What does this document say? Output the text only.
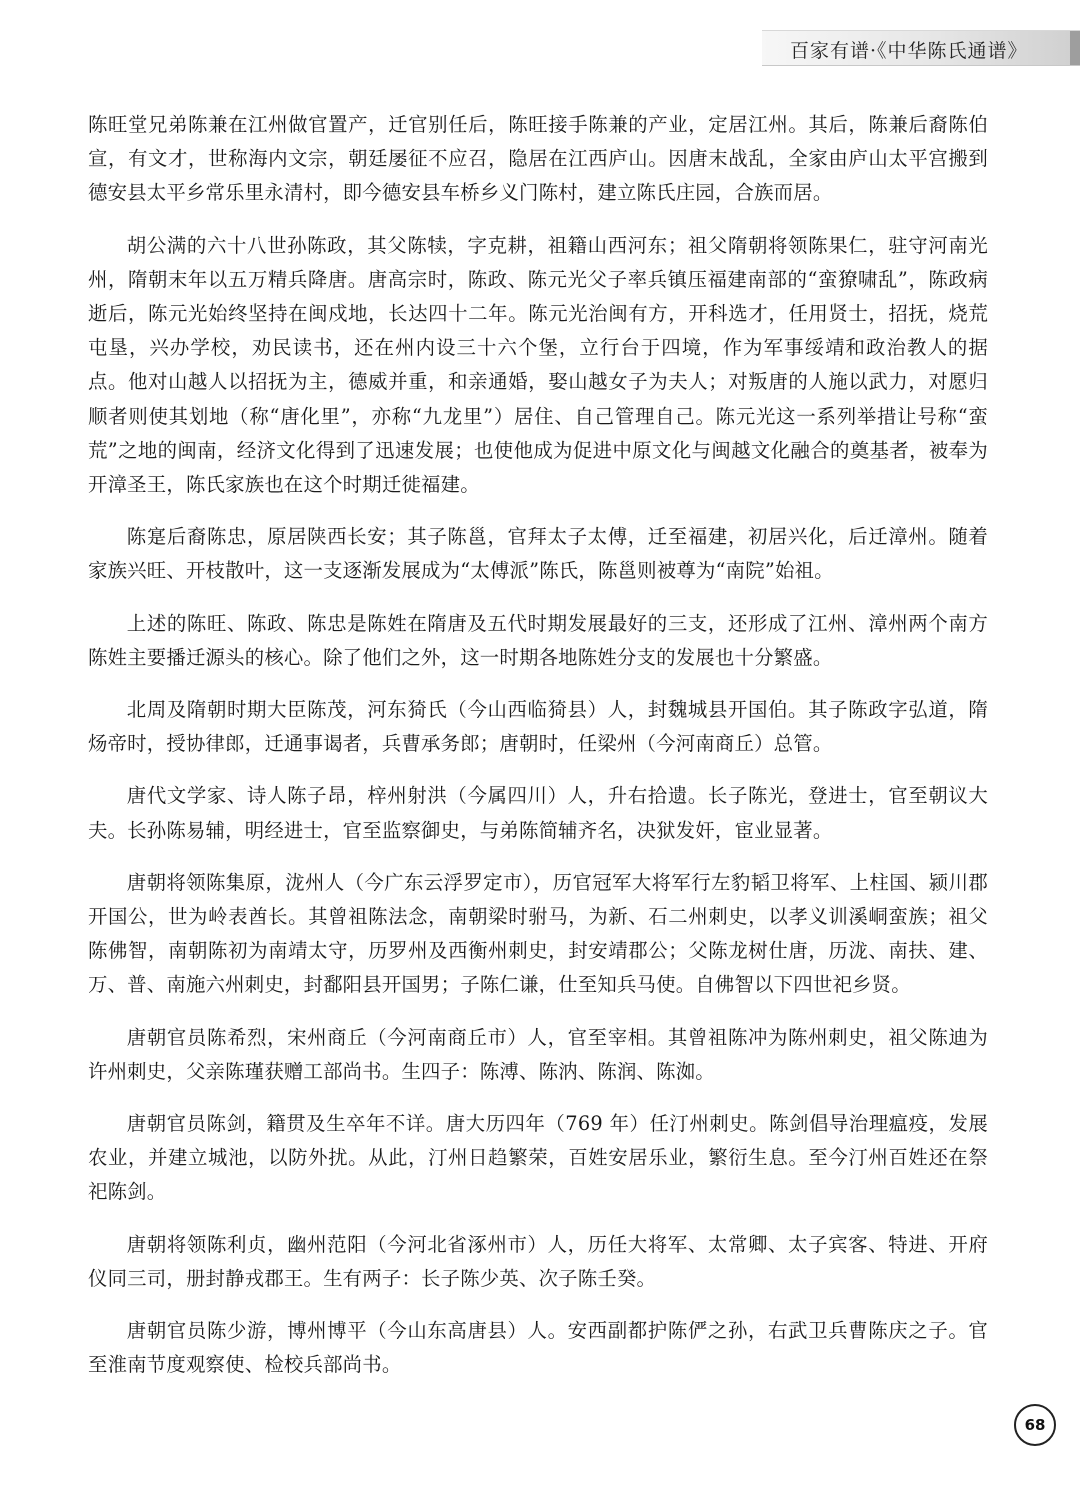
百家有谱·《中华陈氏通谱》

陈旺堂兄弟陈兼在江州做官置产，迁官别任后，陈旺接手陈兼的产业，定居江州。其后，陈兼后裔陈伯宣，有文才，世称海内文宗，朝廷屡征不应召，隐居在江西庐山。因唐末战乱，全家由庐山太平宫搬到德安县太平乡常乐里永清村，即今德安县车桥乡义门陈村，建立陈氏庄园，合族而居。

胡公满的六十八世孙陈政，其父陈犊，字克耕，祖籍山西河东；祖父隋朝将领陈果仁，驻守河南光州，隋朝末年以五万精兵降唐。唐高宗时，陈政、陈元光父子率兵镇压福建南部的“蛮獠啸乱”，陈政病逝后，陈元光始终坚持在闽戍地，长达四十二年。陈元光治闽有方，开科选才，任用贤士，招抚，烧荒屯垦，兴办学校，劝民读书，还在州内设三十六个堡，立行台于四境，作为军事绥靖和政治教人的据点。他对山越人以招抚为主，德威并重，和亲通婚，娶山越女子为夫人；对叛唐的人施以武力，对愿归顺者则使其划地（称“唐化里”，亦称“九龙里”）居住、自己管理自己。陈元光这一系列举措让号称“蛮荒”之地的闽南，经济文化得到了迅速发展；也使他成为促进中原文化与闽越文化融合的奠基者，被奉为开漳圣王，陈氏家族也在这个时期迁徙福建。

陈寔后裔陈忠，原居陕西长安；其子陈邕，官拜太子太傅，迁至福建，初居兴化，后迁漳州。随着家族兴旺、开枝散叶，这一支逐渐发展成为“太傅派”陈氏，陈邕则被尊为“南院”始祖。

上述的陈旺、陈政、陈忠是陈姓在隋唐及五代时期发展最好的三支，还形成了江州、漳州两个南方陈姓主要播迁源头的核心。除了他们之外，这一时期各地陈姓分支的发展也十分繁盛。

北周及隋朝时期大臣陈茂，河东猗氏（今山西临猗县）人，封魏城县开国伯。其子陈政字弘道，隋炀帝时，授协律郎，迁通事谒者，兵曹承务郎；唐朝时，任梁州（今河南商丘）总管。

唐代文学家、诗人陈子昂，梓州射洪（今属四川）人，升右拾遗。长子陈光，登进士，官至朝议大夫。长孙陈易辅，明经进士，官至监察御史，与弟陈简辅齐名，决狱发奸，宦业显著。

唐朝将领陈集原，泷州人（今广东云浮罗定市），历官冠军大将军行左豹韬卫将军、上柱国、颍川郡开国公，世为岭表酋长。其曾祖陈法念，南朝梁时驸马，为新、石二州刺史，以孝义训溪峒蛮族；祖父陈佛智，南朝陈初为南靖太守，历罗州及西衡州刺史，封安靖郡公；父陈龙树仕唐，历泷、南扶、建、万、普、南施六州刺史，封鄱阳县开国男；子陈仁谦，仕至知兵马使。自佛智以下四世祀乡贤。

唐朝官员陈希烈，宋州商丘（今河南商丘市）人，官至宰相。其曾祖陈冲为陈州刺史，祖父陈迪为许州刺史，父亲陈瑾获赠工部尚书。生四子：陈溥、陈汭、陈润、陈洳。

唐朝官员陈剑，籍贯及生卒年不详。唐大历四年（769 年）任汀州刺史。陈剑倡导治理瘟疫，发展农业，并建立城池，以防外扰。从此，汀州日趋繁荣，百姓安居乐业，繁衍生息。至今汀州百姓还在祭祀陈剑。

唐朝将领陈利贞，幽州范阳（今河北省涿州市）人，历任大将军、太常卿、太子宾客、特进、开府仪同三司，册封静戎郡王。生有两子：长子陈少英、次子陈壬癸。

唐朝官员陈少游，博州博平（今山东高唐县）人。安西副都护陈俨之孙，右武卫兵曹陈庆之子。官至淮南节度观察使、检校兵部尚书。

68
